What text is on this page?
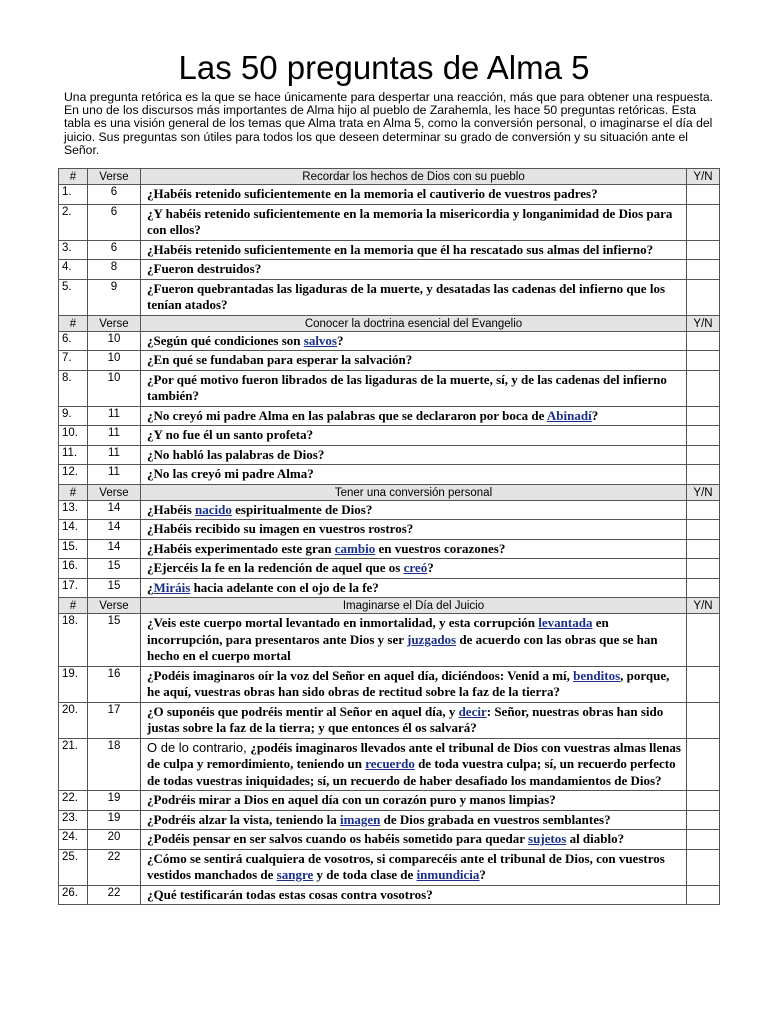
Las 50 preguntas de Alma 5
Una pregunta retórica es la que se hace únicamente para despertar una reacción, más que para obtener una respuesta. En uno de los discursos más importantes de Alma hijo al pueblo de Zarahemla, les hace 50 preguntas retóricas. Esta tabla es una visión general de los temas que Alma trata en Alma 5, como la conversión personal, o imaginarse el día del juicio. Sus preguntas son útiles para todos los que deseen determinar su grado de conversión y su situación ante el Señor.
#	Verse	Recordar los hechos de Dios con su pueblo	Y/N
1.	6	¿Habéis retenido suficientemente en la memoria el cautiverio de vuestros padres?	
2.	6	¿Y habéis retenido suficientemente en la memoria la misericordia y longanimidad de Dios para con ellos?	
3.	6	¿Habéis retenido suficientemente en la memoria que él ha rescatado sus almas del infierno?	
4.	8	¿Fueron destruidos?	
5.	9	¿Fueron quebrantadas las ligaduras de la muerte, y desatadas las cadenas del infierno que los tenían atados?	
#	Verse	Conocer la doctrina esencial del Evangelio	Y/N
6.	10	¿Según qué condiciones son salvos?	
7.	10	¿En qué se fundaban para esperar la salvación?	
8.	10	¿Por qué motivo fueron librados de las ligaduras de la muerte, sí, y de las cadenas del infierno también?	
9.	11	¿No creyó mi padre Alma en las palabras que se declararon por boca de Abinadí?	
10.	11	¿Y no fue él un santo profeta?	
11.	11	¿No habló las palabras de Dios?	
12.	11	¿No las creyó mi padre Alma?	
#	Verse	Tener una conversión personal	Y/N
13.	14	¿Habéis nacido espiritualmente de Dios?	
14.	14	¿Habéis recibido su imagen en vuestros rostros?	
15.	14	¿Habéis experimentado este gran cambio en vuestros corazones?	
16.	15	¿Ejercéis la fe en la redención de aquel que os creó?	
17.	15	¿Miráis hacia adelante con el ojo de la fe?	
#	Verse	Imaginarse el Día del Juicio	Y/N
18.	15	¿Veis este cuerpo mortal levantado en inmortalidad, y esta corrupción levantada en incorrupción, para presentaros ante Dios y ser juzgados de acuerdo con las obras que se han hecho en el cuerpo mortal	
19.	16	¿Podéis imaginaros oír la voz del Señor en aquel día, diciéndoos: Venid a mí, benditos, porque, he aquí, vuestras obras han sido obras de rectitud sobre la faz de la tierra?	
20.	17	¿O suponéis que podréis mentir al Señor en aquel día, y decir: Señor, nuestras obras han sido justas sobre la faz de la tierra; y que entonces él os salvará?	
21.	18	O de lo contrario, ¿podéis imaginaros llevados ante el tribunal de Dios con vuestras almas llenas de culpa y remordimiento, teniendo un recuerdo de toda vuestra culpa; sí, un recuerdo perfecto de todas vuestras iniquidades; sí, un recuerdo de haber desafiado los mandamientos de Dios?	
22.	19	¿Podréis mirar a Dios en aquel día con un corazón puro y manos limpias?	
23.	19	¿Podréis alzar la vista, teniendo la imagen de Dios grabada en vuestros semblantes?	
24.	20	¿Podéis pensar en ser salvos cuando os habéis sometido para quedar sujetos al diablo?	
25.	22	¿Cómo se sentirá cualquiera de vosotros, si comparecéis ante el tribunal de Dios, con vuestros vestidos manchados de sangre y de toda clase de inmundicia?	
26.	22	¿Qué testificarán todas estas cosas contra vosotros?	
